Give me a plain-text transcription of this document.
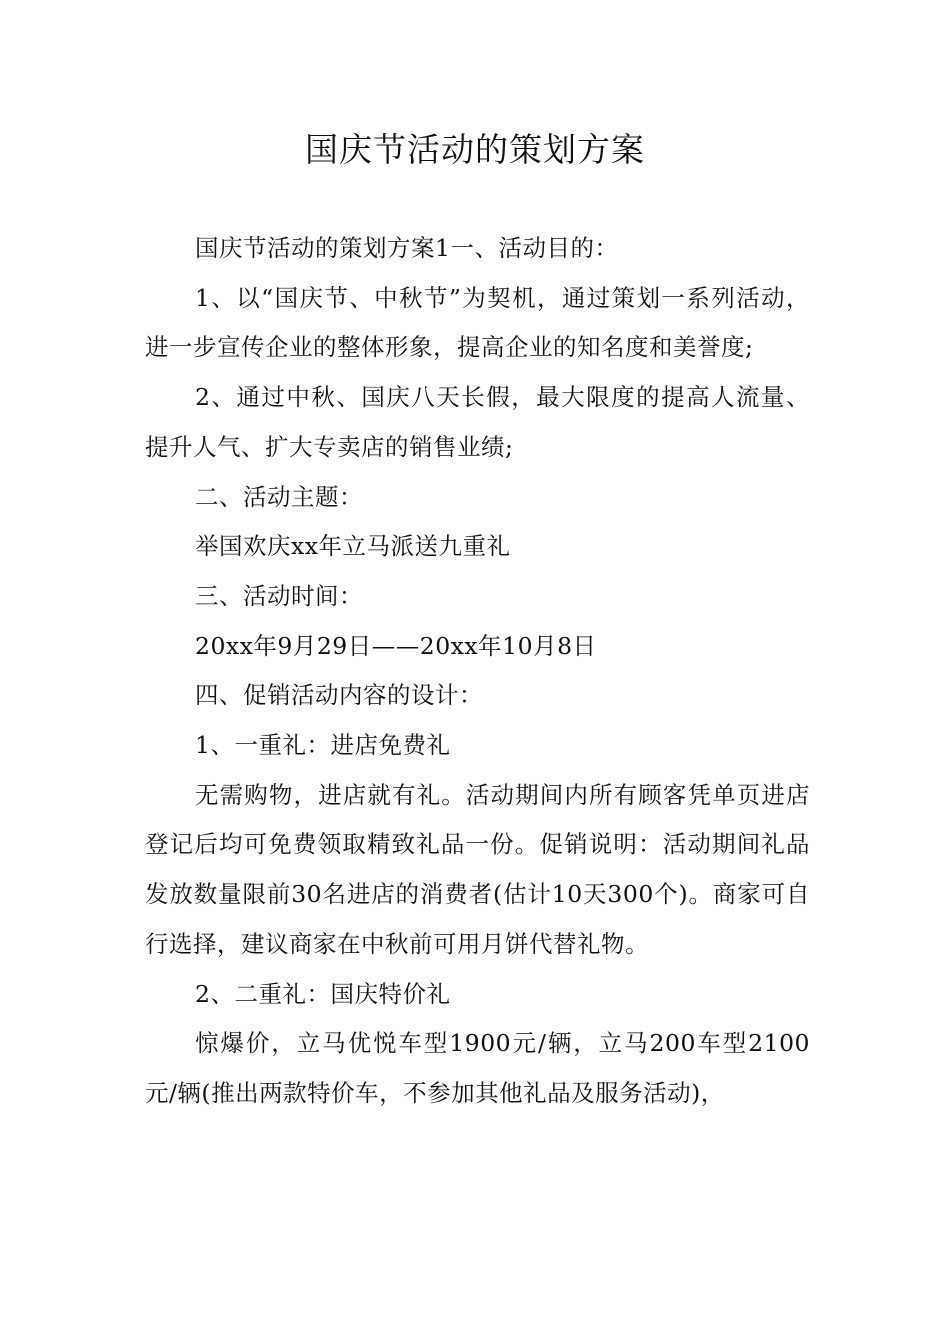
国庆节活动的策划方案

国庆节活动的策划方案1一、活动目的：

1、以“国庆节、中秋节”为契机，通过策划一系列活动，进一步宣传企业的整体形象，提高企业的知名度和美誉度;

2、通过中秋、国庆八天长假，最大限度的提高人流量、提升人气、扩大专卖店的销售业绩;

二、活动主题：

举国欢庆xx年立马派送九重礼

三、活动时间：

20xx年9月29日——20xx年10月8日

四、促销活动内容的设计：

1、一重礼：进店免费礼

无需购物，进店就有礼。活动期间内所有顾客凭单页进店登记后均可免费领取精致礼品一份。促销说明：活动期间礼品发放数量限前30名进店的消费者(估计10天300个)。商家可自行选择，建议商家在中秋前可用月饼代替礼物。

2、二重礼：国庆特价礼

惊爆价，立马优悦车型1900元/辆，立马200车型2100元/辆(推出两款特价车，不参加其他礼品及服务活动)，
